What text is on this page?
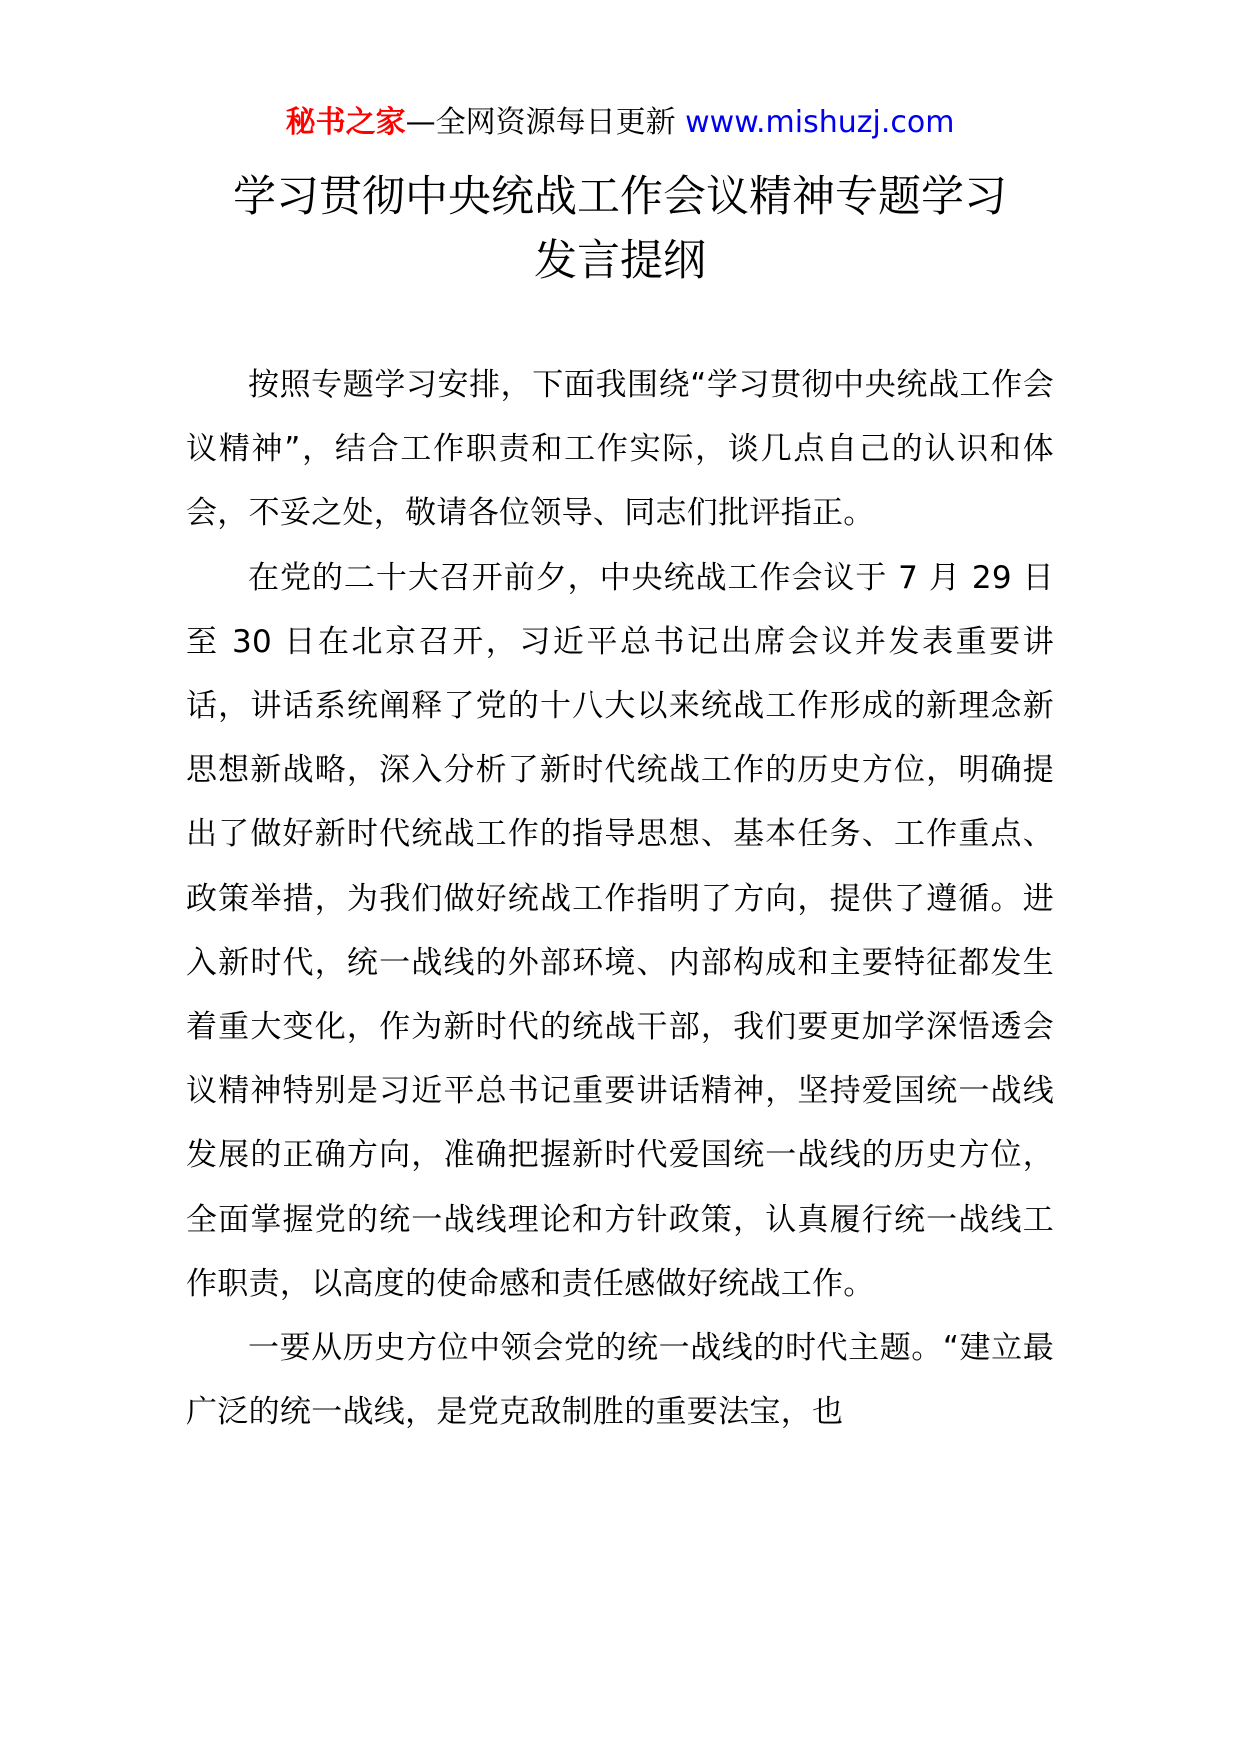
秘书之家—全网资源每日更新 www.mishuzj.com
学习贯彻中央统战工作会议精神专题学习
发言提纲

按照专题学习安排，下面我围绕“学习贯彻中央统战工作会议精神”，结合工作职责和工作实际，谈几点自己的认识和体会，不妥之处，敬请各位领导、同志们批评指正。

在党的二十大召开前夕，中央统战工作会议于 7 月 29 日至 30 日在北京召开，习近平总书记出席会议并发表重要讲话，讲话系统阐释了党的十八大以来统战工作形成的新理念新思想新战略，深入分析了新时代统战工作的历史方位，明确提出了做好新时代统战工作的指导思想、基本任务、工作重点、政策举措，为我们做好统战工作指明了方向，提供了遵循。进入新时代，统一战线的外部环境、内部构成和主要特征都发生着重大变化，作为新时代的统战干部，我们要更加学深悟透会议精神特别是习近平总书记重要讲话精神，坚持爱国统一战线发展的正确方向，准确把握新时代爱国统一战线的历史方位，全面掌握党的统一战线理论和方针政策，认真履行统一战线工作职责，以高度的使命感和责任感做好统战工作。

一要从历史方位中领会党的统一战线的时代主题。“建立最广泛的统一战线，是党克敌制胜的重要法宝，也
